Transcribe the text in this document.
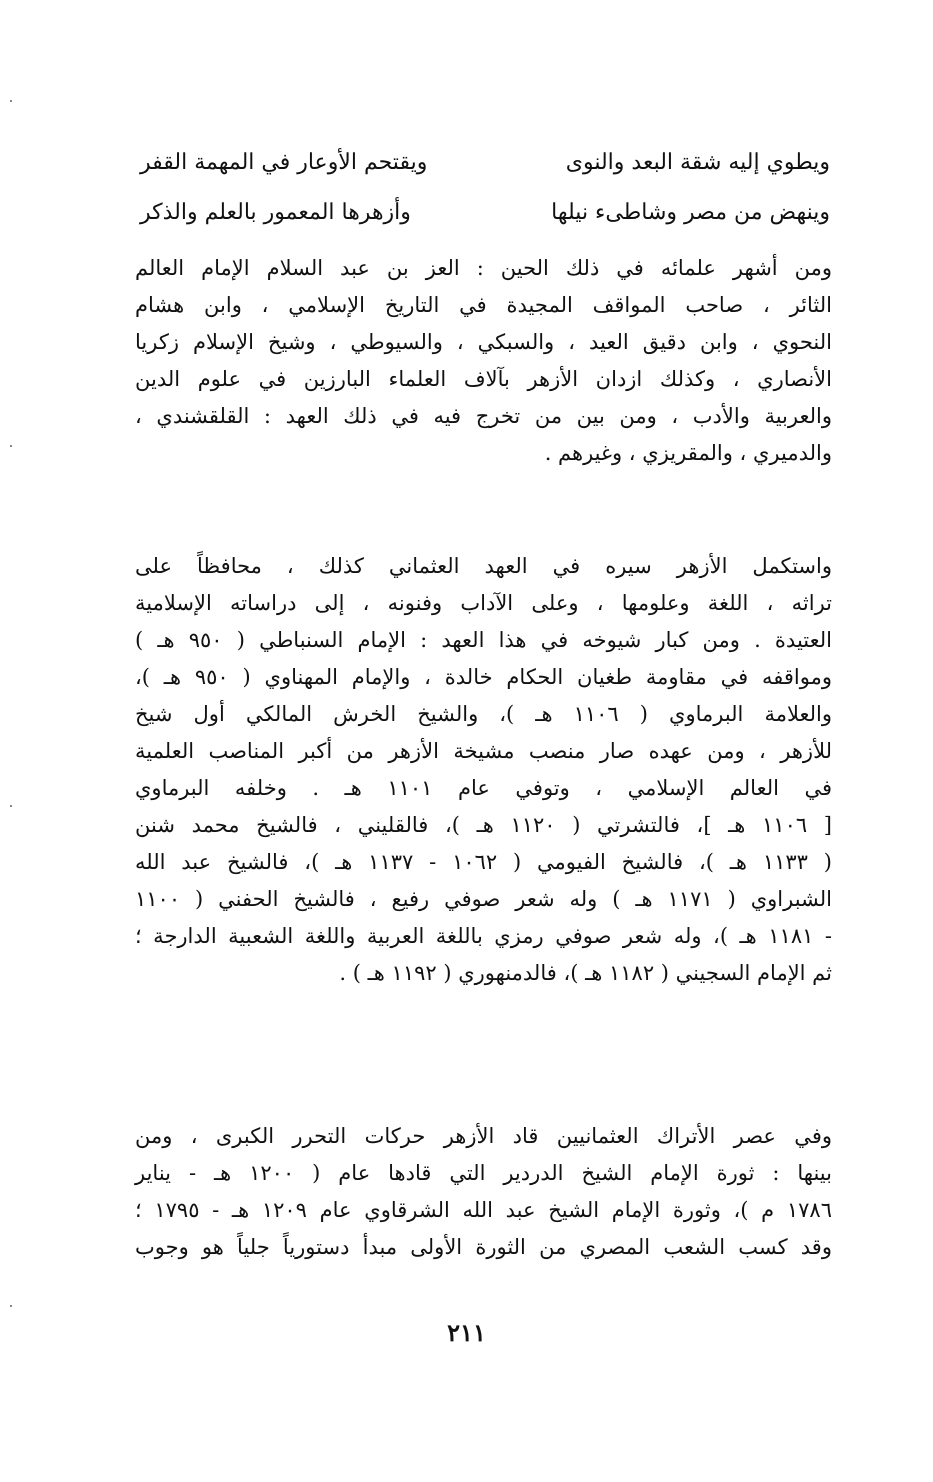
ويطوي إليه شقة البعد والنوى
ويقتحم الأوعار في المهمة القفر
وينهض من مصر وشاطىء نيلها
وأزهرها المعمور بالعلم والذكر
ومن أشهر علمائه في ذلك الحين : العز بن عبد السلام الإمام العالم
الثائر ، صاحب المواقف المجيدة في التاريخ الإسلامي ، وابن هشام
النحوي ، وابن دقيق العيد ، والسبكي ، والسيوطي ، وشيخ الإسلام زكريا
الأنصاري ، وكذلك ازدان الأزهر بآلاف العلماء البارزين في علوم الدين
والعربية والأدب ، ومن بين من تخرج فيه في ذلك العهد : القلقشندي ،
والدميري ، والمقريزي ، وغيرهم .
واستكمل الأزهر سيره في العهد العثماني كذلك ، محافظاً على
تراثه ، اللغة وعلومها ، وعلى الآداب وفنونه ، إلى دراساته الإسلامية
العتيدة . ومن كبار شيوخه في هذا العهد : الإمام السنباطي ( ٩٥٠ هـ )
ومواقفه في مقاومة طغيان الحكام خالدة ، والإمام المهناوي ( ٩٥٠ هـ )،
والعلامة البرماوي ( ١١٠٦ هـ )، والشيخ الخرش المالكي أول شيخ
للأزهر ، ومن عهده صار منصب مشيخة الأزهر من أكبر المناصب العلمية
في العالم الإسلامي ، وتوفي عام ١١٠١ هـ . وخلفه البرماوي
[ ١١٠٦ هـ ]، فالتشرتي ( ١١٢٠ هـ )، فالقليني ، فالشيخ محمد شنن
( ١١٣٣ هـ )، فالشيخ الفيومي ( ١٠٦٢ - ١١٣٧ هـ )، فالشيخ عبد الله
الشبراوي ( ١١٧١ هـ ) وله شعر صوفي رفيع ، فالشيخ الحفني ( ١١٠٠
- ١١٨١ هـ )، وله شعر صوفي رمزي باللغة العربية واللغة الشعبية الدارجة ؛
ثم الإمام السجيني ( ١١٨٢ هـ )، فالدمنهوري ( ١١٩٢ هـ ) .
وفي عصر الأتراك العثمانيين قاد الأزهر حركات التحرر الكبرى ، ومن
بينها : ثورة الإمام الشيخ الدردير التي قادها عام ( ١٢٠٠ هـ - يناير
١٧٨٦ م )، وثورة الإمام الشيخ عبد الله الشرقاوي عام ١٢٠٩ هـ - ١٧٩٥ ؛
وقد كسب الشعب المصري من الثورة الأولى مبدأ دستورياً جلياً هو وجوب
٢١١
